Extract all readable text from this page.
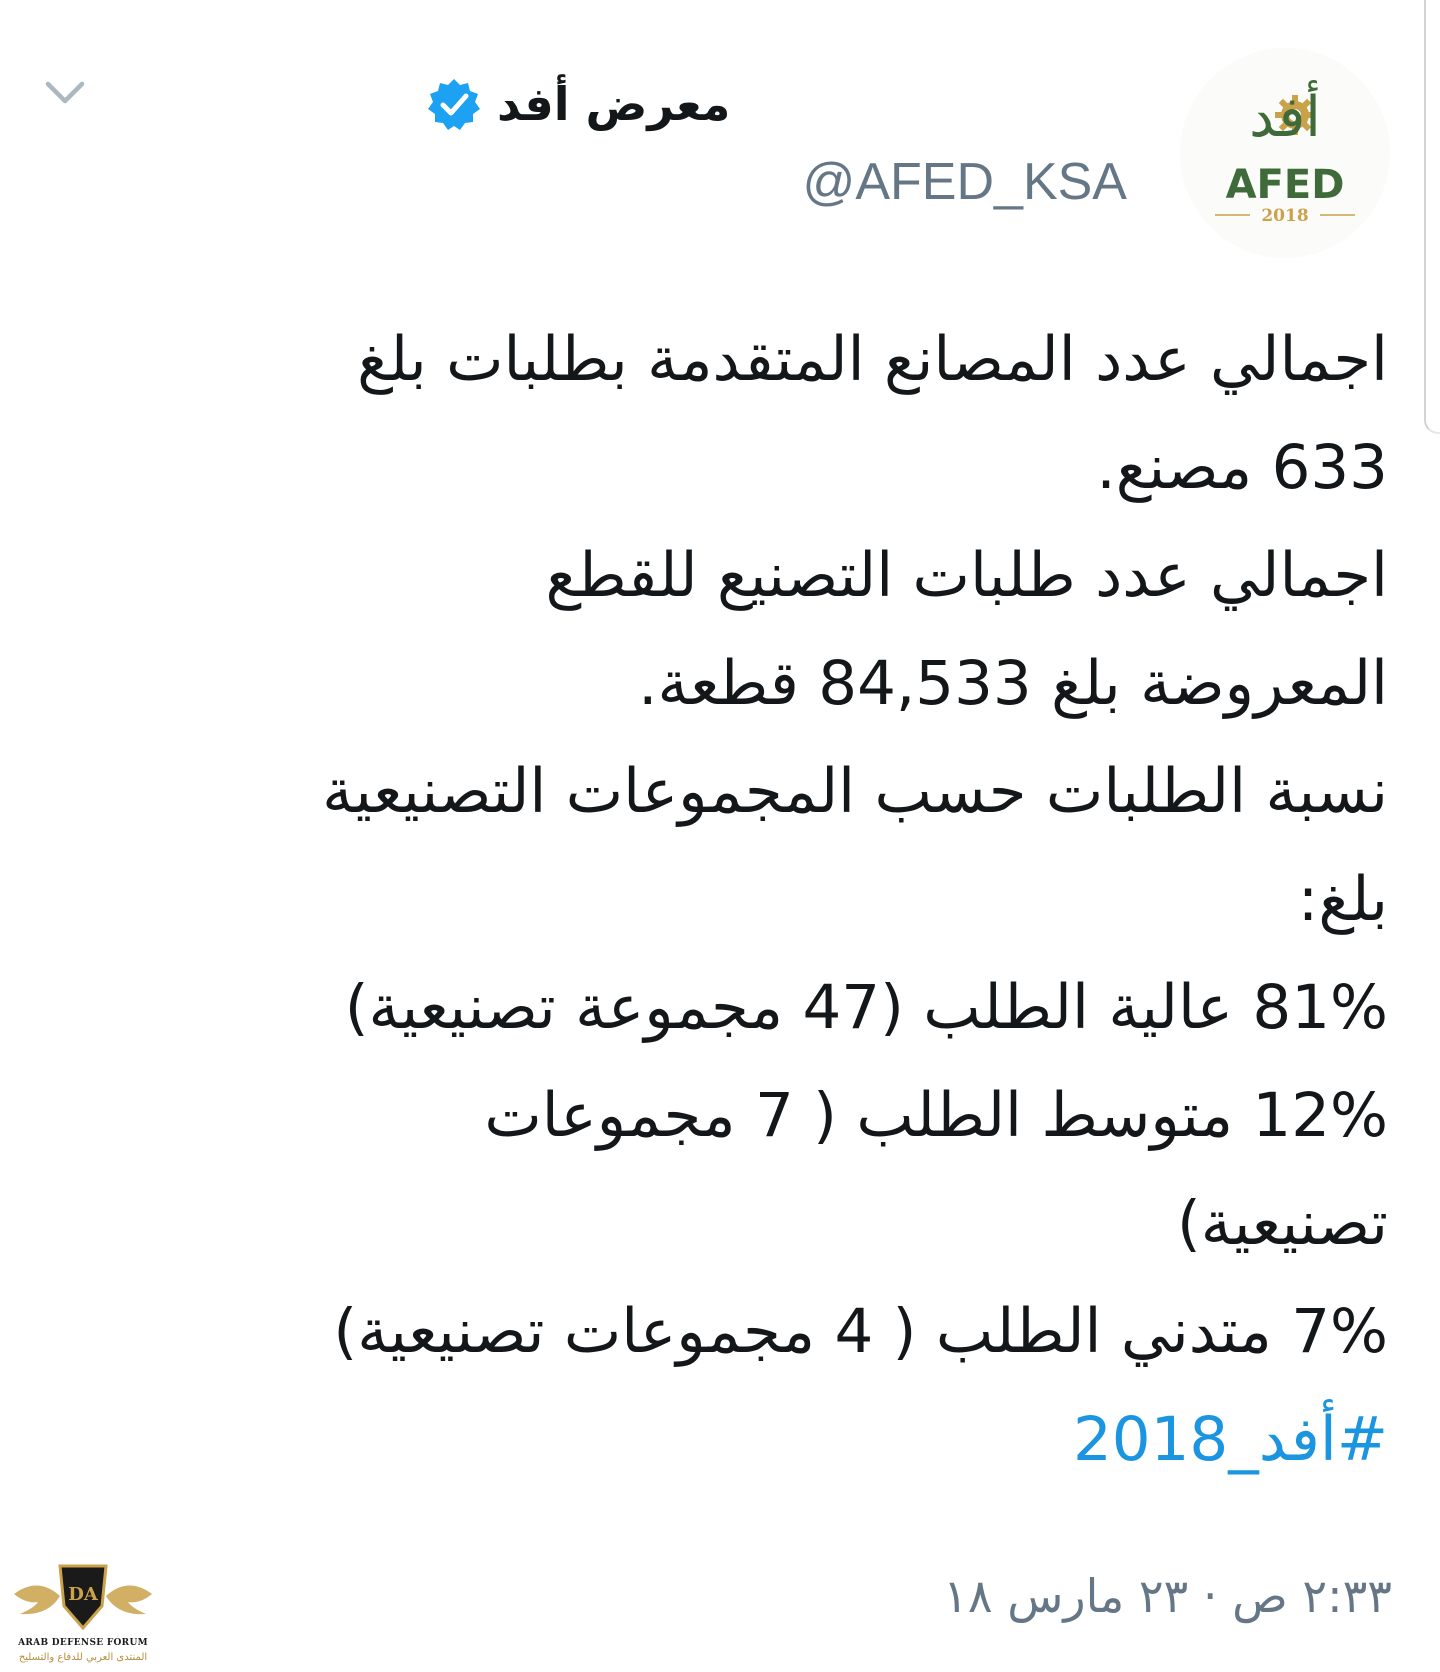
أفد
AFED
2018
معرض أفد
@AFED_KSA
اجمالي عدد المصانع المتقدمة بطلبات بلغ
633 مصنع.
اجمالي عدد طلبات التصنيع للقطع
المعروضة بلغ 84,533 قطعة.
نسبة الطلبات حسب المجموعات التصنيعية
بلغ:
81% عالية الطلب (47 مجموعة تصنيعية)
12% متوسط الطلب ( 7 مجموعات
تصنيعية)
7% متدني الطلب ( 4 مجموعات تصنيعية)
#أفد_2018
٢:٣٣ ص · ٢٣ مارس ١٨
DA
ARAB DEFENSE FORUM
المنتدى العربي للدفاع والتسليح
